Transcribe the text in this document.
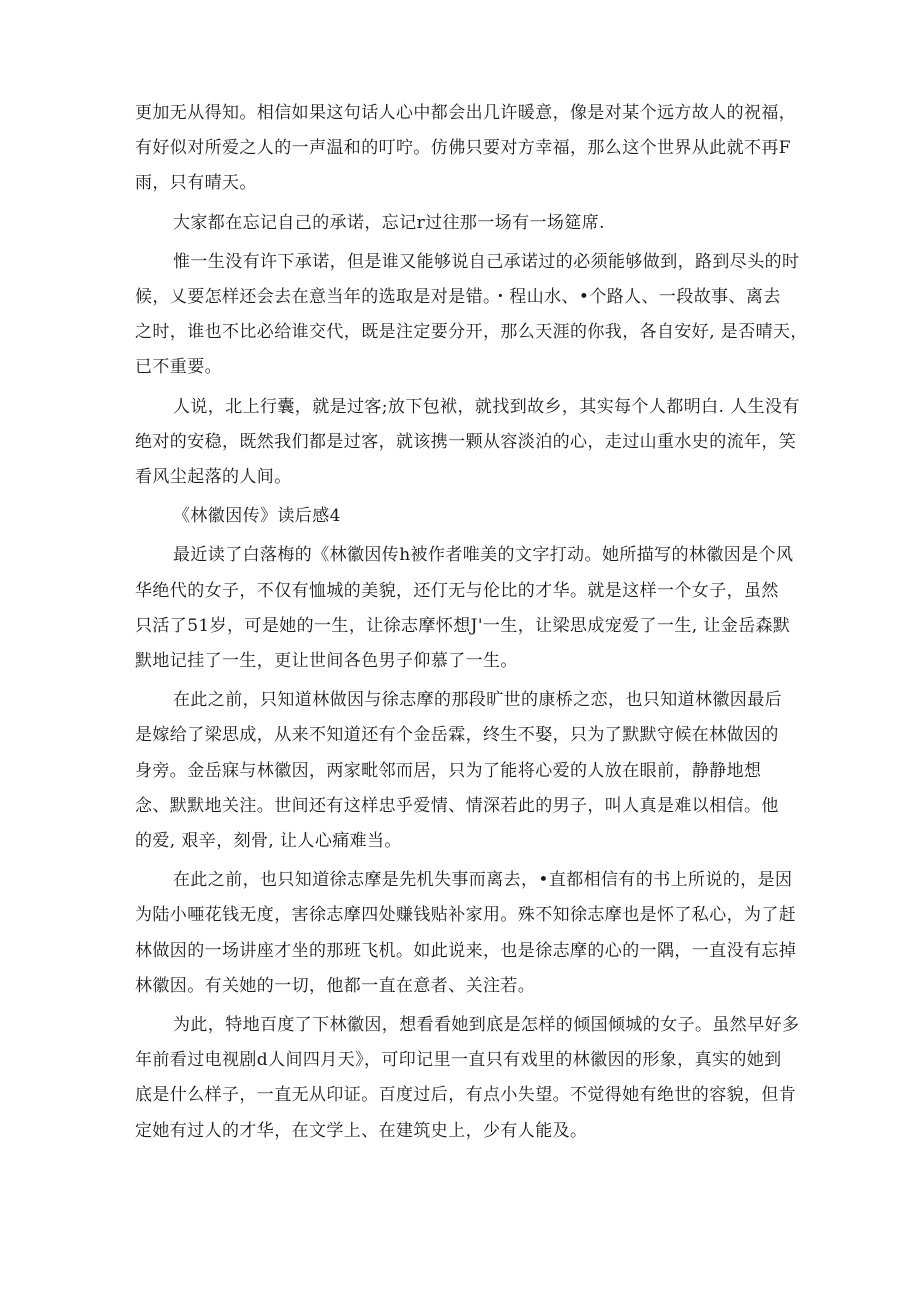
更加无从得知。相信如果这句话人心中都会出几许暖意，像是对某个远方故人的祝福，
有好似对所爱之人的一声温和的叮咛。仿佛只要对方幸福，那么这个世界从此就不再F
雨，只有晴天。

大家都在忘记自己的承诺，忘记r过往那一场有一场筵席.

惟一生没有许下承诺，但是谁又能够说自己承诺过的必须能够做到，路到尽头的时
候，乂要怎样还会去在意当年的选取是对是错。・程山水、•个路人、一段故事、离去
之时，谁也不比必给谁交代，既是注定要分开，那么天涯的你我，各自安好, 是否晴天，
已不重要。

人说，北上行囊，就是过客;放下包袱，就找到故乡，其实每个人都明白. 人生没有
绝对的安稳，既然我们都是过客，就该携一颗从容淡泊的心，走过山重水史的流年，笑
看风尘起落的人间。

《林徽因传》读后感4

最近读了白落梅的《林徽因传h被作者唯美的文字打动。她所描写的林徽因是个风
华绝代的女子，不仅有恤城的美貌，还仃无与伦比的才华。就是这样一个女子，虽然
只活了51岁，可是她的一生，让徐志摩怀想J'一生，让梁思成宠爱了一生, 让金岳森默
默地记挂了一生，更让世间各色男子仰慕了一生。

在此之前，只知道林做因与徐志摩的那段旷世的康桥之恋，也只知道林徽因最后
是嫁给了梁思成，从来不知道还有个金岳霖，终生不娶，只为了默默守候在林做因的
身旁。金岳寐与林徽因，两家毗邻而居，只为了能将心爱的人放在眼前，静静地想
念、默默地关注。世间还有这样忠乎爱情、情深若此的男子，叫人真是难以相信。他
的爱, 艰辛，刻骨, 让人心痛难当。

在此之前，也只知道徐志摩是先机失事而离去，•直都相信有的书上所说的，是因
为陆小唖花钱无度，害徐志摩四处赚钱贴补家用。殊不知徐志摩也是怀了私心，为了赶
林做因的一场讲座才坐的那班飞机。如此说来，也是徐志摩的心的一隅，一直没有忘掉
林徽因。有关她的一切，他都一直在意者、关注若。

为此，特地百度了下林徽因，想看看她到底是怎样的倾国倾城的女子。虽然早好多
年前看过电视剧d人间四月天》，可印记里一直只有戏里的林徽因的形象，真实的她到
底是什么样子，一直无从印证。百度过后，有点小失望。不觉得她有绝世的容貌，但肯
定她有过人的才华，在文学上、在建筑史上，少有人能及。
